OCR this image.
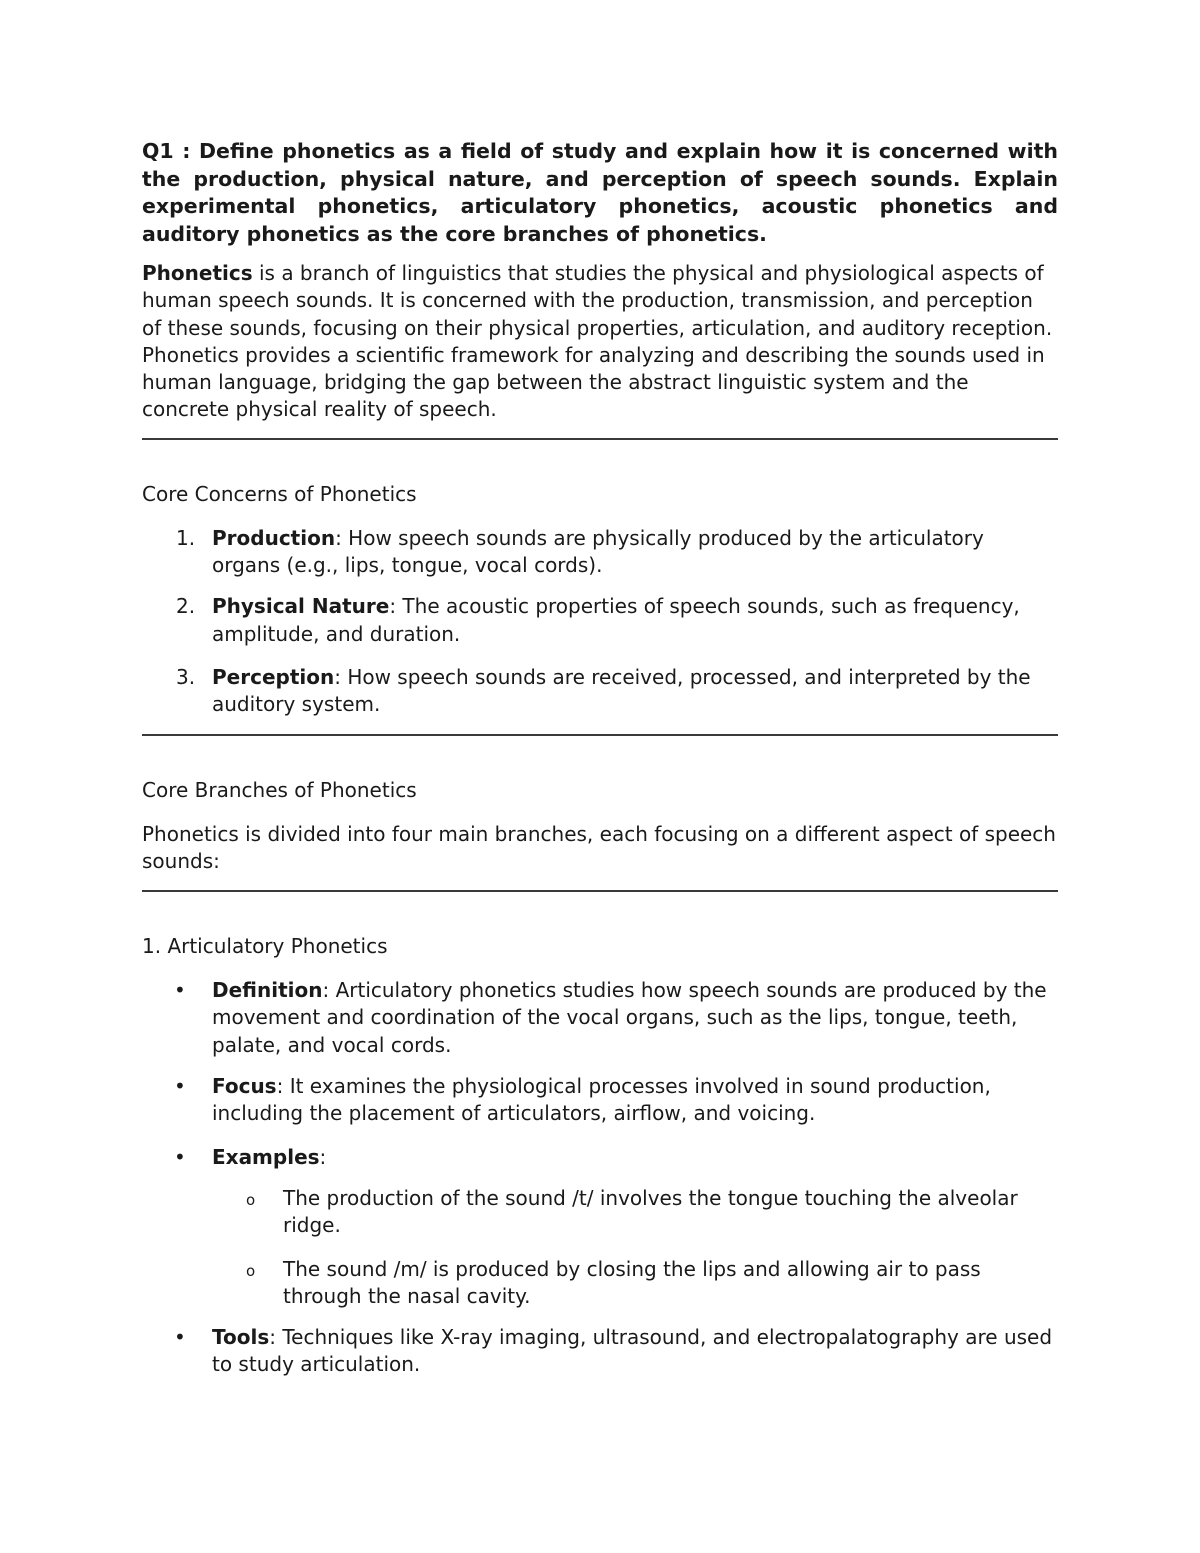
Q1 : Define phonetics as a field of study and explain how it is concerned with the production, physical nature, and perception of speech sounds. Explain experimental phonetics, articulatory phonetics, acoustic phonetics and auditory phonetics as the core branches of phonetics.

Phonetics is a branch of linguistics that studies the physical and physiological aspects of human speech sounds. It is concerned with the production, transmission, and perception of these sounds, focusing on their physical properties, articulation, and auditory reception. Phonetics provides a scientific framework for analyzing and describing the sounds used in human language, bridging the gap between the abstract linguistic system and the concrete physical reality of speech.

Core Concerns of Phonetics

1. Production: How speech sounds are physically produced by the articulatory organs (e.g., lips, tongue, vocal cords).
2. Physical Nature: The acoustic properties of speech sounds, such as frequency, amplitude, and duration.
3. Perception: How speech sounds are received, processed, and interpreted by the auditory system.

Core Branches of Phonetics

Phonetics is divided into four main branches, each focusing on a different aspect of speech sounds:

1. Articulatory Phonetics

• Definition: Articulatory phonetics studies how speech sounds are produced by the movement and coordination of the vocal organs, such as the lips, tongue, teeth, palate, and vocal cords.
• Focus: It examines the physiological processes involved in sound production, including the placement of articulators, airflow, and voicing.
• Examples:
o The production of the sound /t/ involves the tongue touching the alveolar ridge.
o The sound /m/ is produced by closing the lips and allowing air to pass through the nasal cavity.
• Tools: Techniques like X-ray imaging, ultrasound, and electropalatography are used to study articulation.
